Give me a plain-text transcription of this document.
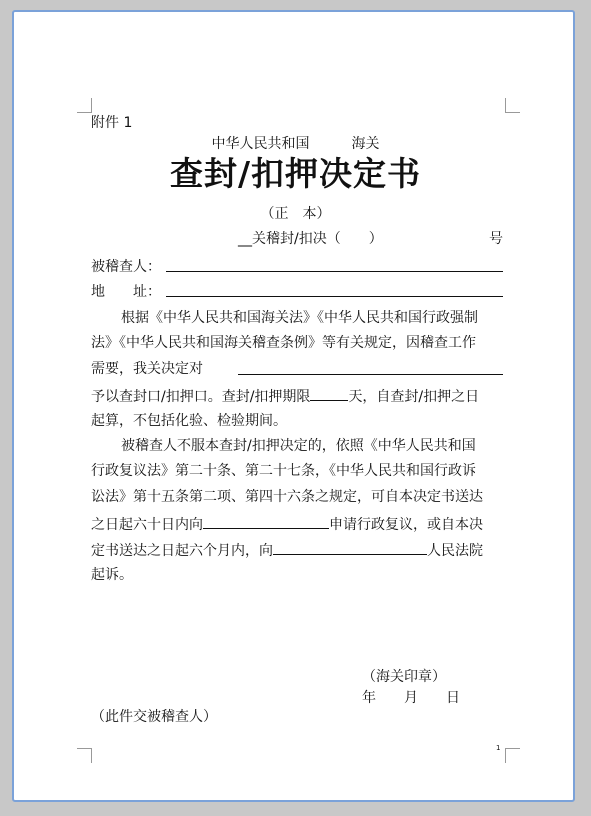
附件 1
中华人民共和国　　　海关
查封/扣押决定书
（正　本）
__关稽封/扣决（　　）	号
被稽查人：
地　　址：
根据《中华人民共和国海关法》《中华人民共和国行政强制
法》《中华人民共和国海关稽查条例》等有关规定，因稽查工作
需要，我关决定对
予以查封口/扣押口。查封/扣押期限	天，自查封/扣押之日
起算，不包括化验、检验期间。
被稽查人不服本查封/扣押决定的，依照《中华人民共和国
行政复议法》第二十条、第二十七条，《中华人民共和国行政诉
讼法》第十五条第二项、第四十六条之规定，可自本决定书送达
之日起六十日内向	申请行政复议，或自本决
定书送达之日起六个月内，向	人民法院
起诉。
（海关印章）
年　　月　　日
（此件交被稽查人）
1
